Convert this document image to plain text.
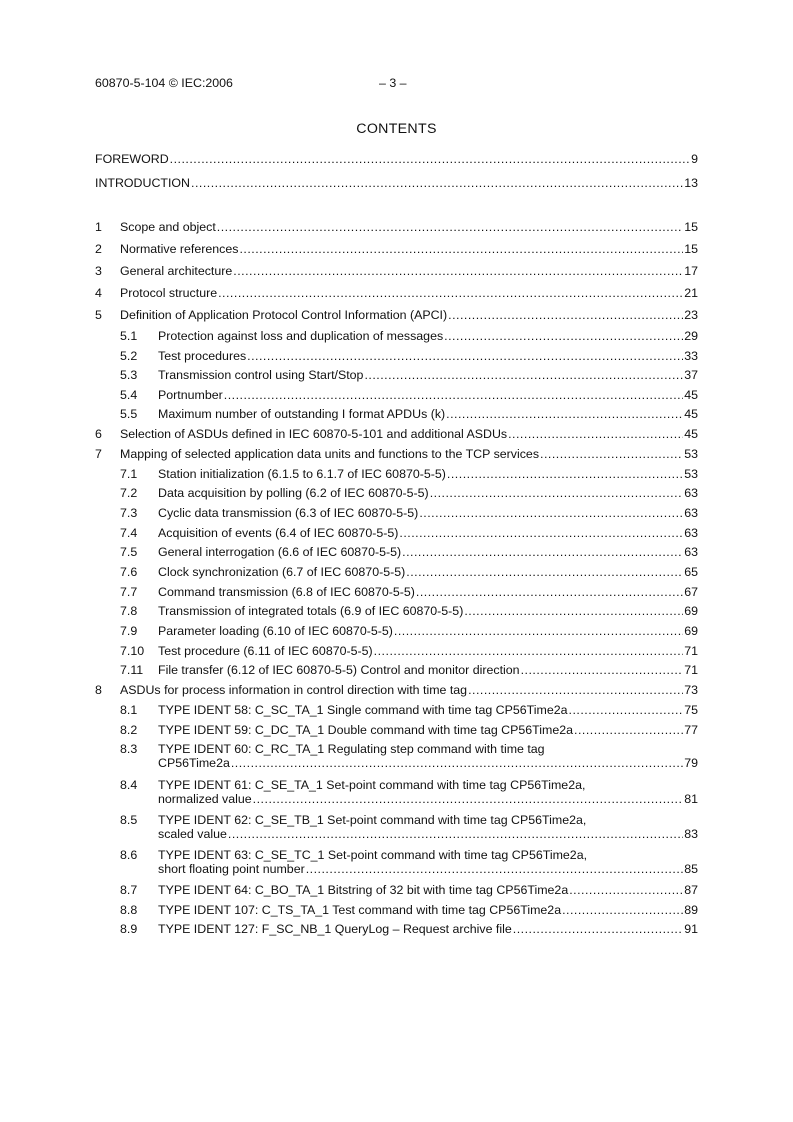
60870-5-104 © IEC:2006	– 3 –
CONTENTS
FOREWORD .....	9
INTRODUCTION .....	13
1 Scope and object .....	15
2 Normative references .....	15
3 General architecture .....	17
4 Protocol structure .....	21
5 Definition of Application Protocol Control Information (APCI) .....	23
5.1 Protection against loss and duplication of messages .....	29
5.2 Test procedures .....	33
5.3 Transmission control using Start/Stop .....	37
5.4 Portnumber .....	45
5.5 Maximum number of outstanding I format APDUs (k) .....	45
6 Selection of ASDUs defined in IEC 60870-5-101 and additional ASDUs .....	45
7 Mapping of selected application data units and functions to the TCP services .....	53
7.1 Station initialization (6.1.5 to 6.1.7 of IEC 60870-5-5) .....	53
7.2 Data acquisition by polling (6.2 of IEC 60870-5-5) .....	63
7.3 Cyclic data transmission (6.3 of IEC 60870-5-5) .....	63
7.4 Acquisition of events (6.4 of IEC 60870-5-5) .....	63
7.5 General interrogation (6.6 of IEC 60870-5-5) .....	63
7.6 Clock synchronization (6.7 of IEC 60870-5-5) .....	65
7.7 Command transmission (6.8 of IEC 60870-5-5) .....	67
7.8 Transmission of integrated totals (6.9 of IEC 60870-5-5) .....	69
7.9 Parameter loading (6.10 of IEC 60870-5-5) .....	69
7.10 Test procedure (6.11 of IEC 60870-5-5) .....	71
7.11 File transfer (6.12 of IEC 60870-5-5) Control and monitor direction .....	71
8 ASDUs for process information in control direction with time tag .....	73
8.1 TYPE IDENT 58: C_SC_TA_1 Single command with time tag CP56Time2a .....	75
8.2 TYPE IDENT 59: C_DC_TA_1 Double command with time tag CP56Time2a .....	77
8.3 TYPE IDENT 60: C_RC_TA_1 Regulating step command with time tag
CP56Time2a .....	79
8.4 TYPE IDENT 61: C_SE_TA_1 Set-point command with time tag CP56Time2a,
normalized value .....	81
8.5 TYPE IDENT 62: C_SE_TB_1 Set-point command with time tag CP56Time2a,
scaled value .....	83
8.6 TYPE IDENT 63: C_SE_TC_1 Set-point command with time tag CP56Time2a,
short floating point number .....	85
8.7 TYPE IDENT 64: C_BO_TA_1 Bitstring of 32 bit with time tag CP56Time2a .....	87
8.8 TYPE IDENT 107: C_TS_TA_1 Test command with time tag CP56Time2a .....	89
8.9 TYPE IDENT 127: F_SC_NB_1 QueryLog – Request archive file .....	91
